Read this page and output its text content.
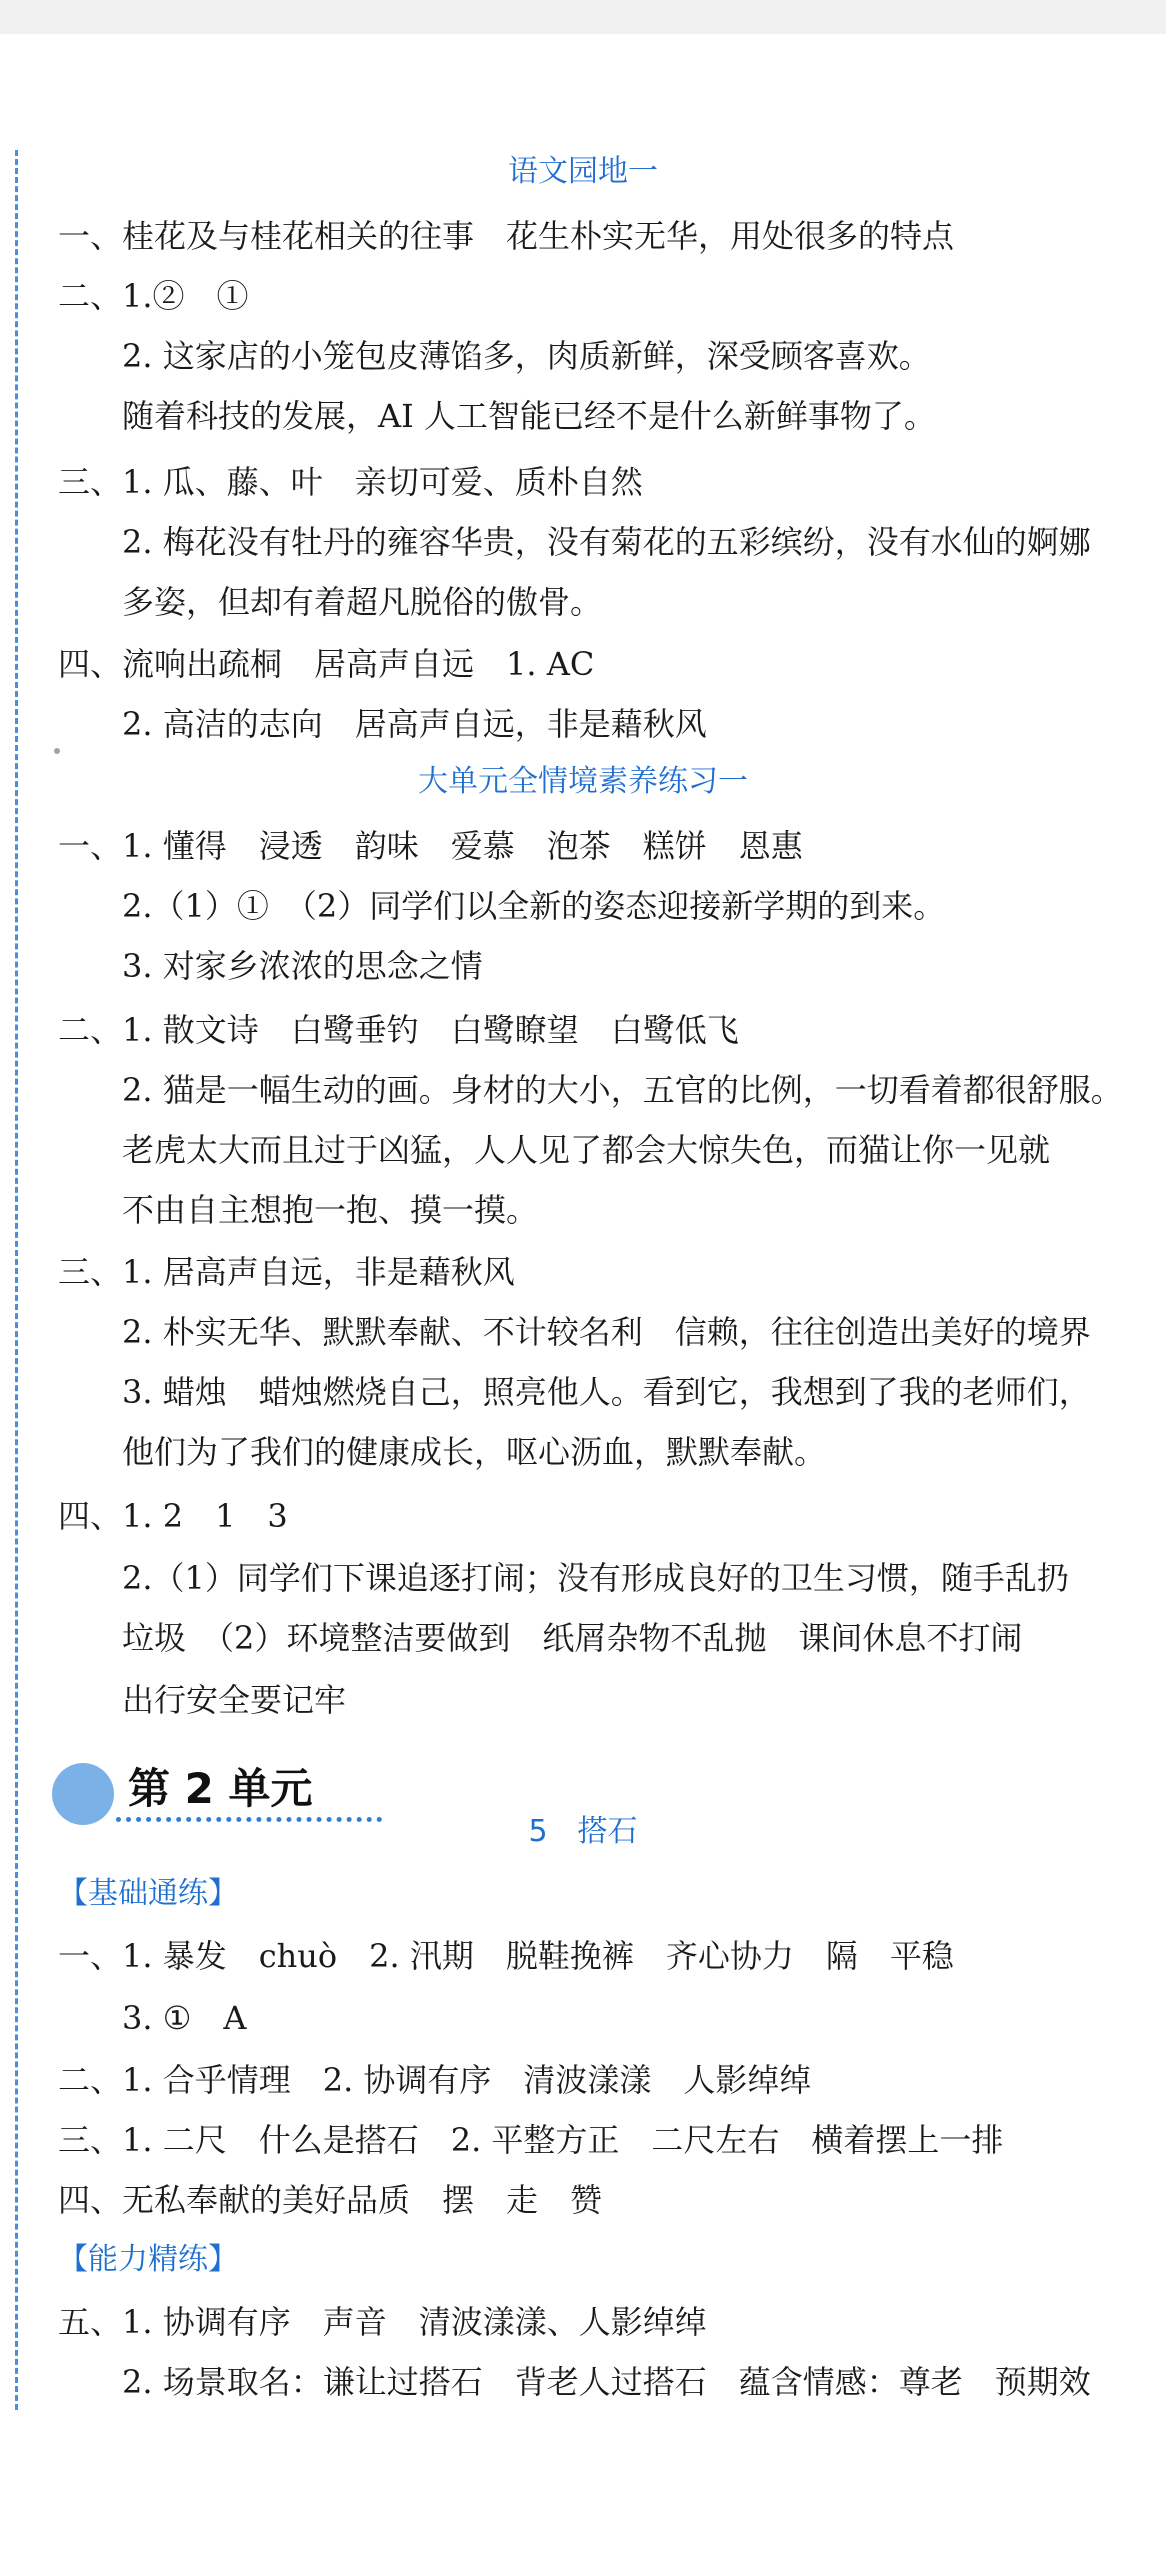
语文园地一
一、桂花及与桂花相关的往事　花生朴实无华，用处很多的特点
二、1.②　①
2. 这家店的小笼包皮薄馅多，肉质新鲜，深受顾客喜欢。
随着科技的发展，AI 人工智能已经不是什么新鲜事物了。
三、1. 瓜、藤、叶　亲切可爱、质朴自然
2. 梅花没有牡丹的雍容华贵，没有菊花的五彩缤纷，没有水仙的婀娜
多姿，但却有着超凡脱俗的傲骨。
四、流响出疏桐　居高声自远　1. AC
2. 高洁的志向　居高声自远，非是藉秋风
大单元全情境素养练习一
一、1. 懂得　浸透　韵味　爱慕　泡茶　糕饼　恩惠
2.（1）①　（2）同学们以全新的姿态迎接新学期的到来。
3. 对家乡浓浓的思念之情
二、1. 散文诗　白鹭垂钓　白鹭瞭望　白鹭低飞
2. 猫是一幅生动的画。身材的大小，五官的比例，一切看着都很舒服。
老虎太大而且过于凶猛，人人见了都会大惊失色，而猫让你一见就
不由自主想抱一抱、摸一摸。
三、1. 居高声自远，非是藉秋风
2. 朴实无华、默默奉献、不计较名利　信赖，往往创造出美好的境界
3. 蜡烛　蜡烛燃烧自己，照亮他人。看到它，我想到了我的老师们，
他们为了我们的健康成长，呕心沥血，默默奉献。
四、1. 2　1　3
2.（1）同学们下课追逐打闹；没有形成良好的卫生习惯，随手乱扔
垃圾　（2）环境整洁要做到　纸屑杂物不乱抛　课间休息不打闹
出行安全要记牢
第 2 单元
5　搭石
【基础通练】
一、1. 暴发　chuò　2. 汛期　脱鞋挽裤　齐心协力　隔　平稳
3. ①　A
二、1. 合乎情理　2. 协调有序　清波漾漾　人影绰绰
三、1. 二尺　什么是搭石　2. 平整方正　二尺左右　横着摆上一排
四、无私奉献的美好品质　摆　走　赞
【能力精练】
五、1. 协调有序　声音　清波漾漾、人影绰绰
2. 场景取名：谦让过搭石　背老人过搭石　蕴含情感：尊老　预期效
